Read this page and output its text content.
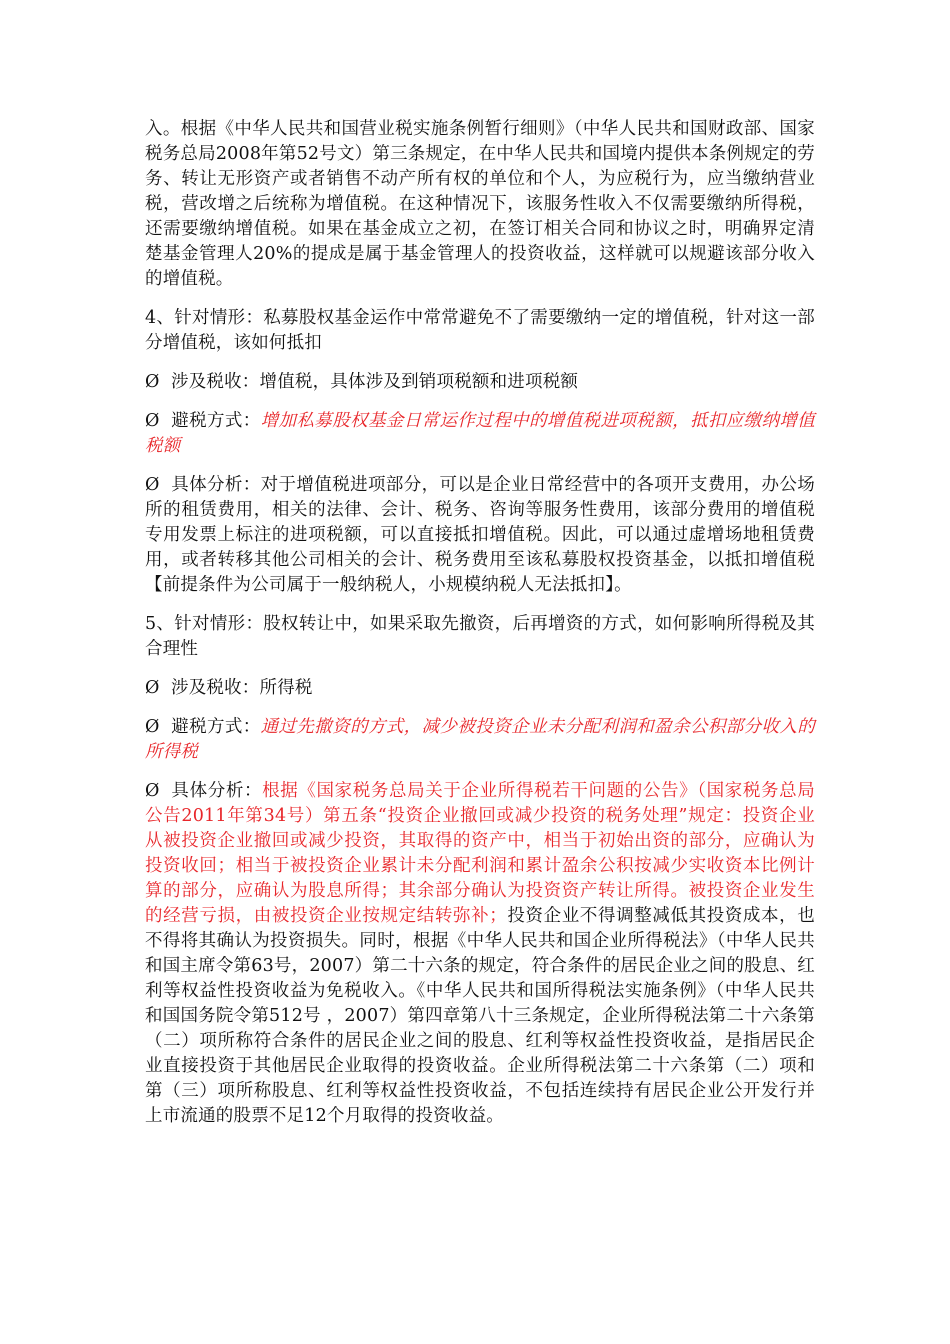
入。根据《中华人民共和国营业税实施条例暂行细则》（中华人民共和国财政部、国家税务总局2008年第52号文）第三条规定，在中华人民共和国境内提供本条例规定的劳务、转让无形资产或者销售不动产所有权的单位和个人，为应税行为，应当缴纳营业税，营改增之后统称为增值税。在这种情况下，该服务性收入不仅需要缴纳所得税，还需要缴纳增值税。如果在基金成立之初，在签订相关合同和协议之时，明确界定清楚基金管理人20%的提成是属于基金管理人的投资收益，这样就可以规避该部分收入的增值税。

4、针对情形：私募股权基金运作中常常避免不了需要缴纳一定的增值税，针对这一部分增值税，该如何抵扣

Ø 涉及税收：增值税，具体涉及到销项税额和进项税额

Ø 避税方式：增加私募股权基金日常运作过程中的增值税进项税额，抵扣应缴纳增值税额

Ø 具体分析：对于增值税进项部分，可以是企业日常经营中的各项开支费用，办公场所的租赁费用，相关的法律、会计、税务、咨询等服务性费用，该部分费用的增值税专用发票上标注的进项税额，可以直接抵扣增值税。因此，可以通过虚增场地租赁费用，或者转移其他公司相关的会计、税务费用至该私募股权投资基金，以抵扣增值税【前提条件为公司属于一般纳税人，小规模纳税人无法抵扣】。

5、针对情形：股权转让中，如果采取先撤资，后再增资的方式，如何影响所得税及其合理性

Ø 涉及税收：所得税

Ø 避税方式：通过先撤资的方式，减少被投资企业未分配利润和盈余公积部分收入的所得税

Ø 具体分析：根据《国家税务总局关于企业所得税若干问题的公告》（国家税务总局公告2011年第34号）第五条“投资企业撤回或减少投资的税务处理”规定：投资企业从被投资企业撤回或减少投资，其取得的资产中，相当于初始出资的部分，应确认为投资收回；相当于被投资企业累计未分配利润和累计盈余公积按减少实收资本比例计算的部分，应确认为股息所得；其余部分确认为投资资产转让所得。被投资企业发生的经营亏损，由被投资企业按规定结转弥补；投资企业不得调整减低其投资成本，也不得将其确认为投资损失。同时，根据《中华人民共和国企业所得税法》（中华人民共和国主席令第63号，2007）第二十六条的规定，符合条件的居民企业之间的股息、红利等权益性投资收益为免税收入。《中华人民共和国所得税法实施条例》（中华人民共和国国务院令第512号 ，2007）第四章第八十三条规定，企业所得税法第二十六条第（二）项所称符合条件的居民企业之间的股息、红利等权益性投资收益，是指居民企业直接投资于其他居民企业取得的投资收益。企业所得税法第二十六条第（二）项和第（三）项所称股息、红利等权益性投资收益，不包括连续持有居民企业公开发行并上市流通的股票不足12个月取得的投资收益。
